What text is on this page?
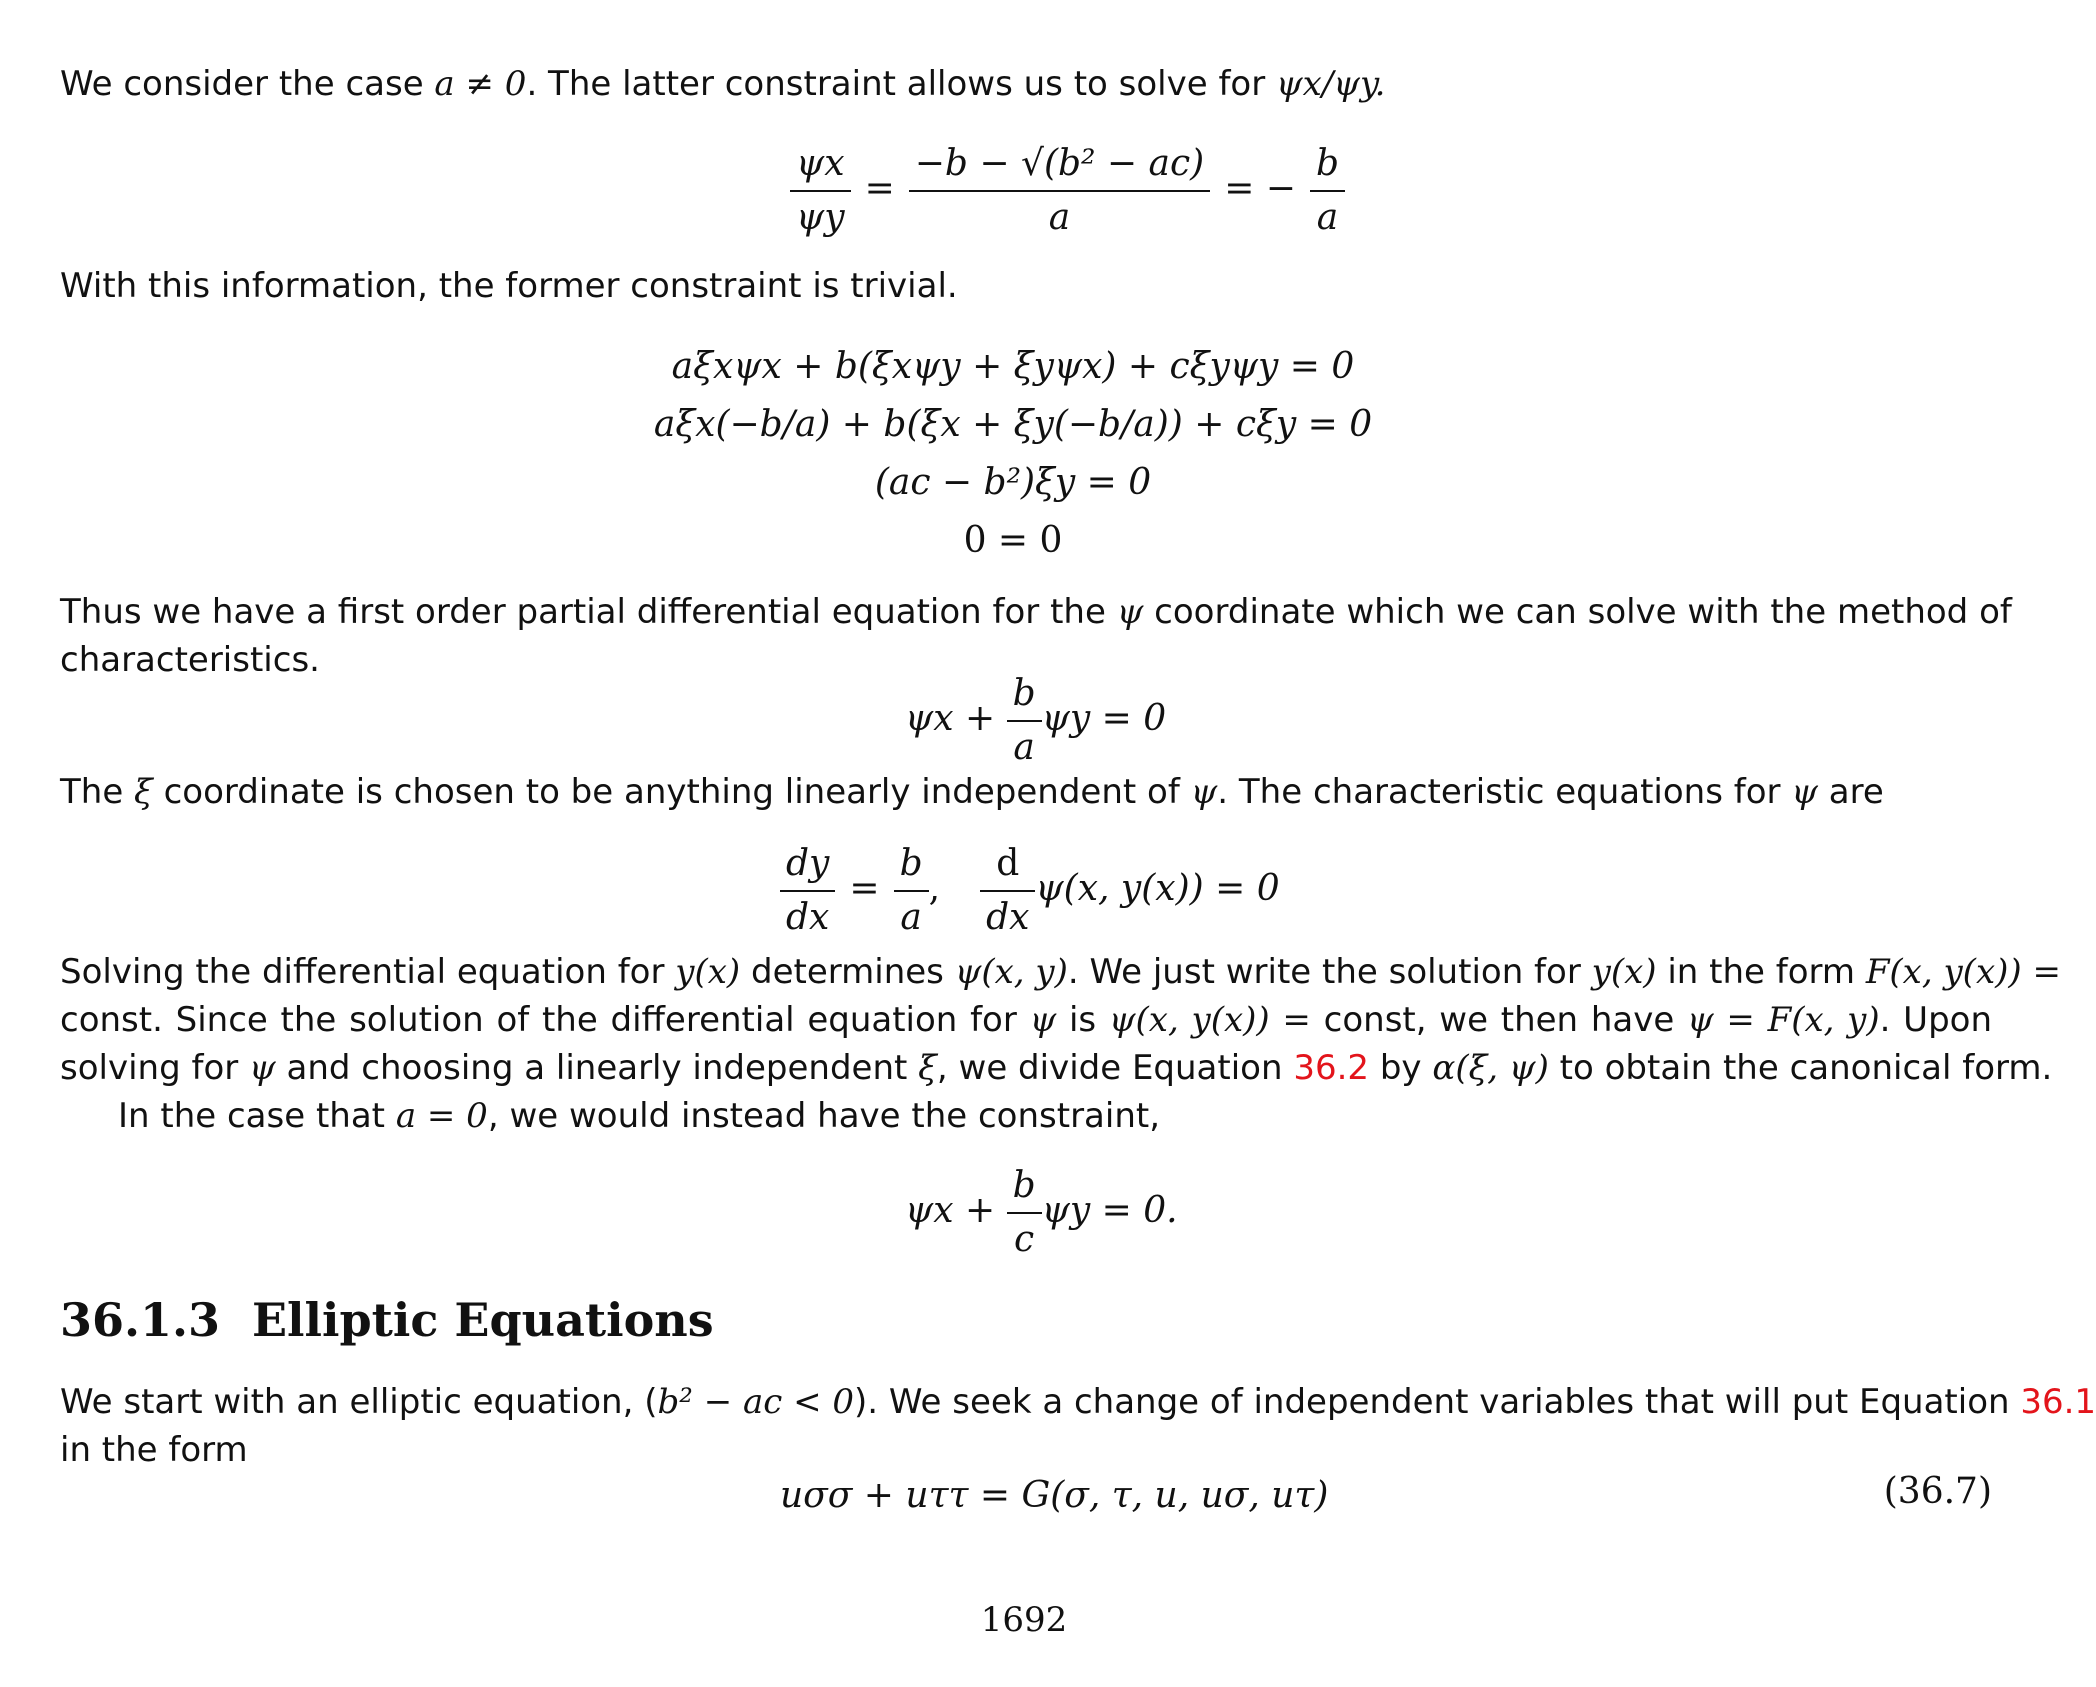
We consider the case a ≠ 0. The latter constraint allows us to solve for ψx/ψy.
$\frac{\psi x}{\psi y} = \frac{\text{−b − √(b² − ac)}}{a}$ = − $\frac{b}{a}$
With this information, the former constraint is trivial.
aξxψx + b(ξxψy + ξyψx) + cξyψy = 0
aξx(−b/a) + b(ξx + ξy(−b/a)) + cξy = 0
(ac − b²)ξy = 0
0 = 0
Thus we have a first order partial differential equation for the ψ coordinate which we can solve with the method of
characteristics.
$\psi x + \frac{b}{a}$ ψy = 0
The ξ coordinate is chosen to be anything linearly independent of ψ. The characteristic equations for ψ are
$\frac{dy}{dx} = \frac{b}{a}$ , $\frac{d}{dx} \psi(x$, y(x)) = 0
Solving the differential equation for y(x) determines ψ(x, y). We just write the solution for y(x) in the form F(x, y(x)) =
const. Since the solution of the differential equation for ψ is ψ(x, y(x)) = const, we then have ψ = F(x, y). Upon
solving for ψ and choosing a linearly independent ξ, we divide Equation 36.2 by α(ξ, ψ) to obtain the canonical form.
In the case that a = 0, we would instead have the constraint,
$\psi x + \frac{b}{c}$ ψy = 0.
36.1.3 Elliptic Equations
We start with an elliptic equation, (b² − ac < 0). We seek a change of independent variables that will put Equation 36.1
in the form
uσσ + uττ = G(σ, τ, u, uσ, uτ)	(36.7)
1692
